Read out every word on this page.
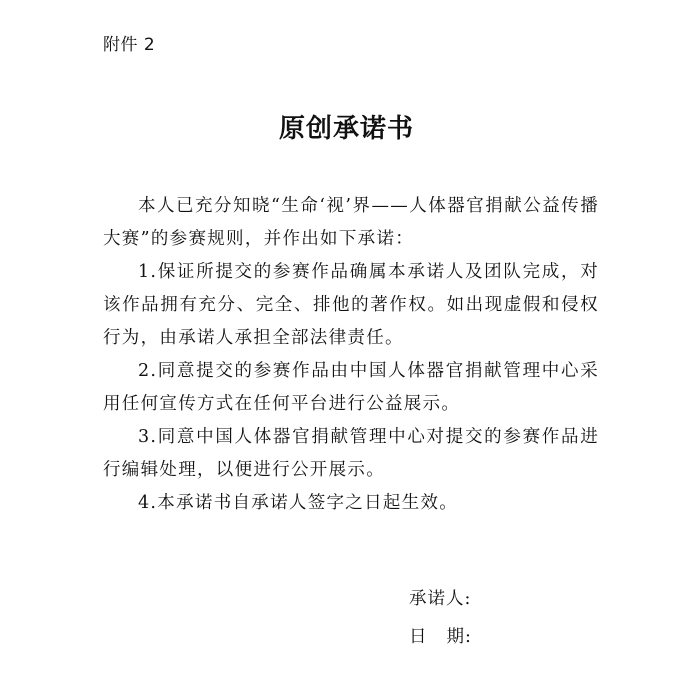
附件 2
原创承诺书

本人已充分知晓“生命‘视’界——人体器官捐献公益传播大赛”的参赛规则，并作出如下承诺：

1.保证所提交的参赛作品确属本承诺人及团队完成，对该作品拥有充分、完全、排他的著作权。如出现虚假和侵权行为，由承诺人承担全部法律责任。

2.同意提交的参赛作品由中国人体器官捐献管理中心采用任何宣传方式在任何平台进行公益展示。

3.同意中国人体器官捐献管理中心对提交的参赛作品进行编辑处理，以便进行公开展示。

4.本承诺书自承诺人签字之日起生效。

承诺人:
日期:
